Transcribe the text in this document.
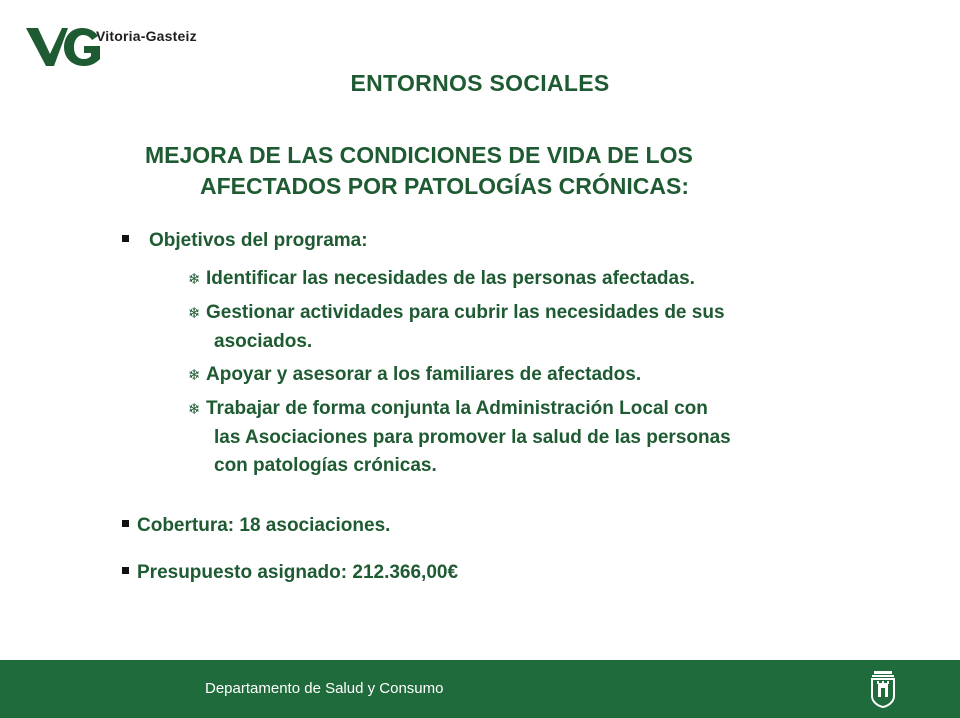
Vitoria-Gasteiz
ENTORNOS SOCIALES
MEJORA DE LAS CONDICIONES DE VIDA DE LOS
AFECTADOS POR PATOLOGÍAS CRÓNICAS:
Objetivos del programa:
❄ Identificar las necesidades de las personas afectadas.
❄ Gestionar actividades para cubrir las necesidades de sus
asociados.
❄ Apoyar y asesorar a los familiares de afectados.
❄ Trabajar de forma conjunta la Administración Local con
las Asociaciones para promover la salud de las personas
con patologías crónicas.
Cobertura: 18 asociaciones.
Presupuesto asignado: 212.366,00€
Departamento de Salud y Consumo
